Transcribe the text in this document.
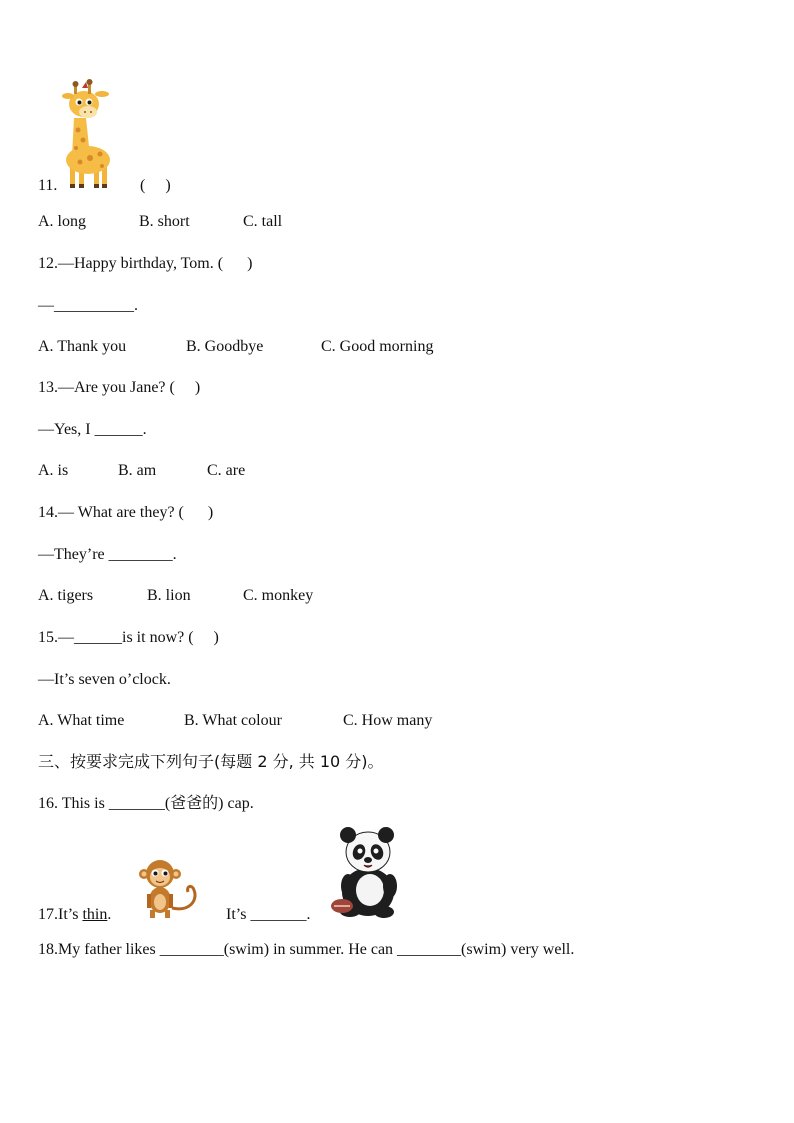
11.	(     )
A. long	B. short	C. tall
12.—Happy birthday, Tom. (      )
—__________.
A. Thank you	B. Goodbye	C. Good morning
13.—Are you Jane? (     )
—Yes, I ______.
A. is	B. am	C. are
14.— What are they? (      )
—They’re ________.
A. tigers	B. lion	C. monkey
15.—______is it now? (     )
—It’s seven o’clock.
A. What time	B. What colour	C. How many
三、按要求完成下列句子(每题 2 分, 共 10 分)。
16. This is _______(爸爸的) cap.
17.It’s thin.	It’s _______.
18.My father likes ________(swim) in summer. He can ________(swim) very well.
